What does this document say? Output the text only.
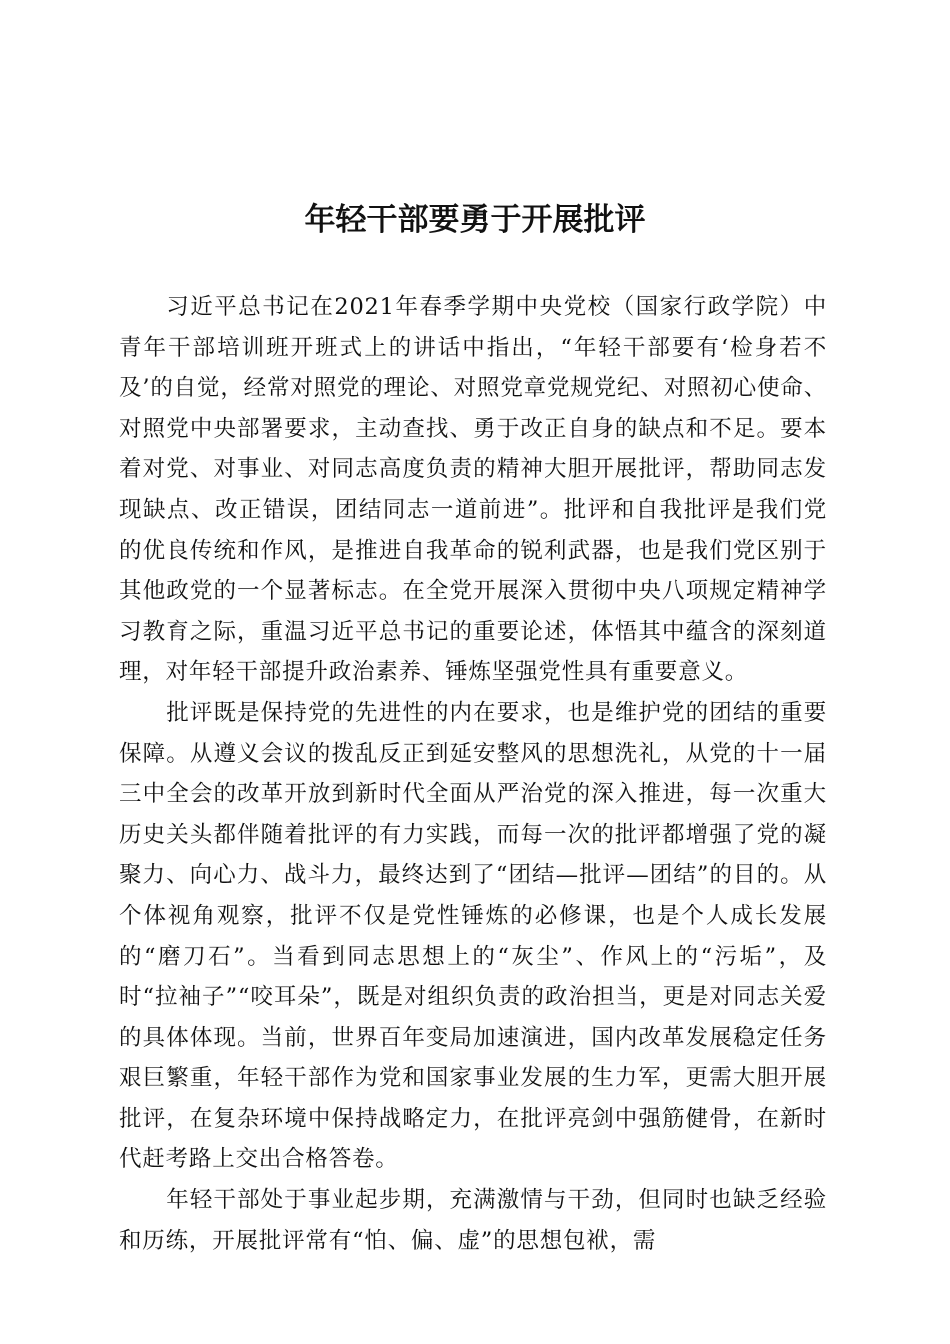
年轻干部要勇于开展批评

习近平总书记在2021年春季学期中央党校（国家行政学院）中青年干部培训班开班式上的讲话中指出，“年轻干部要有‘检身若不及’的自觉，经常对照党的理论、对照党章党规党纪、对照初心使命、对照党中央部署要求，主动查找、勇于改正自身的缺点和不足。要本着对党、对事业、对同志高度负责的精神大胆开展批评，帮助同志发现缺点、改正错误，团结同志一道前进”。批评和自我批评是我们党的优良传统和作风，是推进自我革命的锐利武器，也是我们党区别于其他政党的一个显著标志。在全党开展深入贯彻中央八项规定精神学习教育之际，重温习近平总书记的重要论述，体悟其中蕴含的深刻道理，对年轻干部提升政治素养、锤炼坚强党性具有重要意义。

批评既是保持党的先进性的内在要求，也是维护党的团结的重要保障。从遵义会议的拨乱反正到延安整风的思想洗礼，从党的十一届三中全会的改革开放到新时代全面从严治党的深入推进，每一次重大历史关头都伴随着批评的有力实践，而每一次的批评都增强了党的凝聚力、向心力、战斗力，最终达到了“团结—批评—团结”的目的。从个体视角观察，批评不仅是党性锤炼的必修课，也是个人成长发展的“磨刀石”。当看到同志思想上的“灰尘”、作风上的“污垢”，及时“拉袖子”“咬耳朵”，既是对组织负责的政治担当，更是对同志关爱的具体体现。当前，世界百年变局加速演进，国内改革发展稳定任务艰巨繁重，年轻干部作为党和国家事业发展的生力军，更需大胆开展批评，在复杂环境中保持战略定力，在批评亮剑中强筋健骨，在新时代赶考路上交出合格答卷。

年轻干部处于事业起步期，充满激情与干劲，但同时也缺乏经验和历练，开展批评常有“怕、偏、虚”的思想包袱，需
